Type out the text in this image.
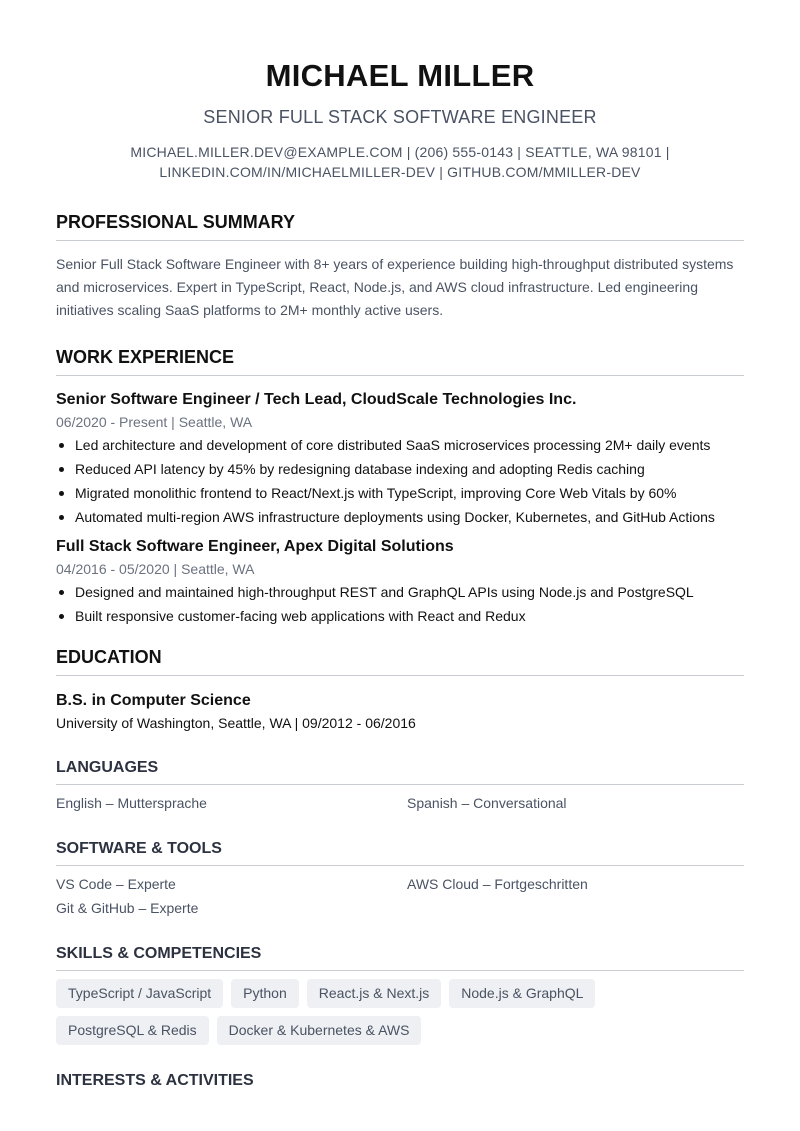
MICHAEL MILLER
SENIOR FULL STACK SOFTWARE ENGINEER
MICHAEL.MILLER.DEV@EXAMPLE.COM | (206) 555-0143 | SEATTLE, WA 98101 |
LINKEDIN.COM/IN/MICHAELMILLER-DEV | GITHUB.COM/MMILLER-DEV
PROFESSIONAL SUMMARY
Senior Full Stack Software Engineer with 8+ years of experience building high-throughput distributed systems and microservices. Expert in TypeScript, React, Node.js, and AWS cloud infrastructure. Led engineering initiatives scaling SaaS platforms to 2M+ monthly active users.
WORK EXPERIENCE
Senior Software Engineer / Tech Lead, CloudScale Technologies Inc.
06/2020 - Present | Seattle, WA
Led architecture and development of core distributed SaaS microservices processing 2M+ daily events
Reduced API latency by 45% by redesigning database indexing and adopting Redis caching
Migrated monolithic frontend to React/Next.js with TypeScript, improving Core Web Vitals by 60%
Automated multi-region AWS infrastructure deployments using Docker, Kubernetes, and GitHub Actions
Full Stack Software Engineer, Apex Digital Solutions
04/2016 - 05/2020 | Seattle, WA
Designed and maintained high-throughput REST and GraphQL APIs using Node.js and PostgreSQL
Built responsive customer-facing web applications with React and Redux
EDUCATION
B.S. in Computer Science
University of Washington, Seattle, WA | 09/2012 - 06/2016
LANGUAGES
English – Muttersprache	Spanish – Conversational
SOFTWARE & TOOLS
VS Code – Experte	AWS Cloud – Fortgeschritten
Git & GitHub – Experte
SKILLS & COMPETENCIES
TypeScript / JavaScript	Python	React.js & Next.js	Node.js & GraphQL
PostgreSQL & Redis	Docker & Kubernetes & AWS
INTERESTS & ACTIVITIES
